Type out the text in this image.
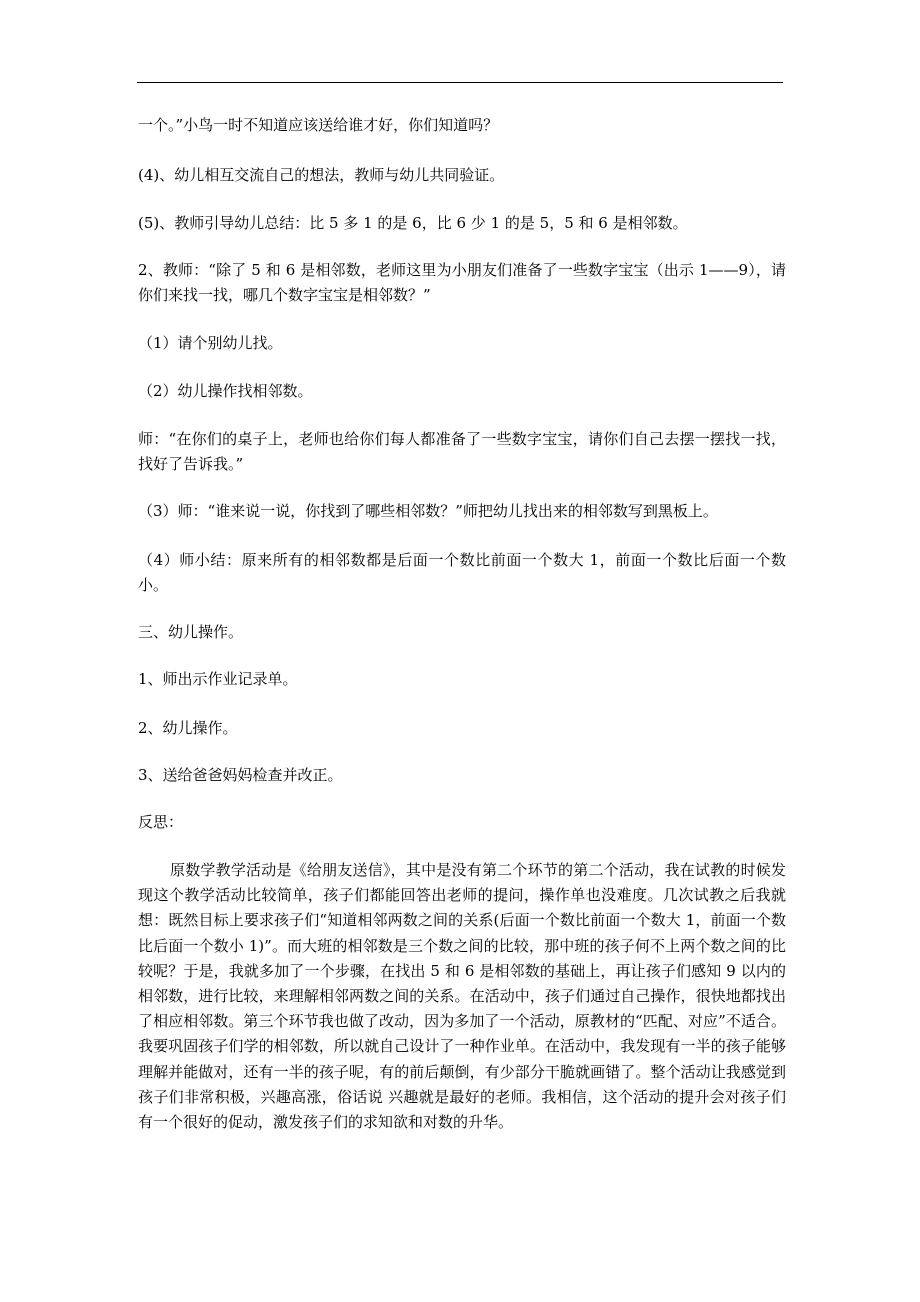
一个。”小鸟一时不知道应该送给谁才好，你们知道吗？
(4)、幼儿相互交流自己的想法，教师与幼儿共同验证。
(5)、教师引导幼儿总结：比 5 多 1 的是 6，比 6 少 1 的是 5，5 和 6 是相邻数。
2、教师：“除了 5 和 6 是相邻数，老师这里为小朋友们准备了一些数字宝宝（出示 1——9），请你们来找一找，哪几个数字宝宝是相邻数？”
（1）请个别幼儿找。
（2）幼儿操作找相邻数。
师：“在你们的桌子上，老师也给你们每人都准备了一些数字宝宝，请你们自己去摆一摆找一找，找好了告诉我。”
（3）师：“谁来说一说，你找到了哪些相邻数？”师把幼儿找出来的相邻数写到黑板上。
（4）师小结：原来所有的相邻数都是后面一个数比前面一个数大 1，前面一个数比后面一个数小。
三、幼儿操作。
1、师出示作业记录单。
2、幼儿操作。
3、送给爸爸妈妈检查并改正。
反思：
原数学教学活动是《给朋友送信》，其中是没有第二个环节的第二个活动，我在试教的时候发现这个教学活动比较简单，孩子们都能回答出老师的提问，操作单也没难度。几次试教之后我就想：既然目标上要求孩子们“知道相邻两数之间的关系(后面一个数比前面一个数大 1，前面一个数比后面一个数小 1)”。而大班的相邻数是三个数之间的比较，那中班的孩子何不上两个数之间的比较呢？于是，我就多加了一个步骤，在找出 5 和 6 是相邻数的基础上，再让孩子们感知 9 以内的相邻数，进行比较，来理解相邻两数之间的关系。在活动中，孩子们通过自己操作，很快地都找出了相应相邻数。第三个环节我也做了改动，因为多加了一个活动，原教材的“匹配、对应”不适合。我要巩固孩子们学的相邻数，所以就自己设计了一种作业单。在活动中，我发现有一半的孩子能够理解并能做对，还有一半的孩子呢，有的前后颠倒，有少部分干脆就画错了。整个活动让我感觉到孩子们非常积极，兴趣高涨，俗话说 兴趣就是最好的老师。我相信，这个活动的提升会对孩子们有一个很好的促动，激发孩子们的求知欲和对数的升华。
